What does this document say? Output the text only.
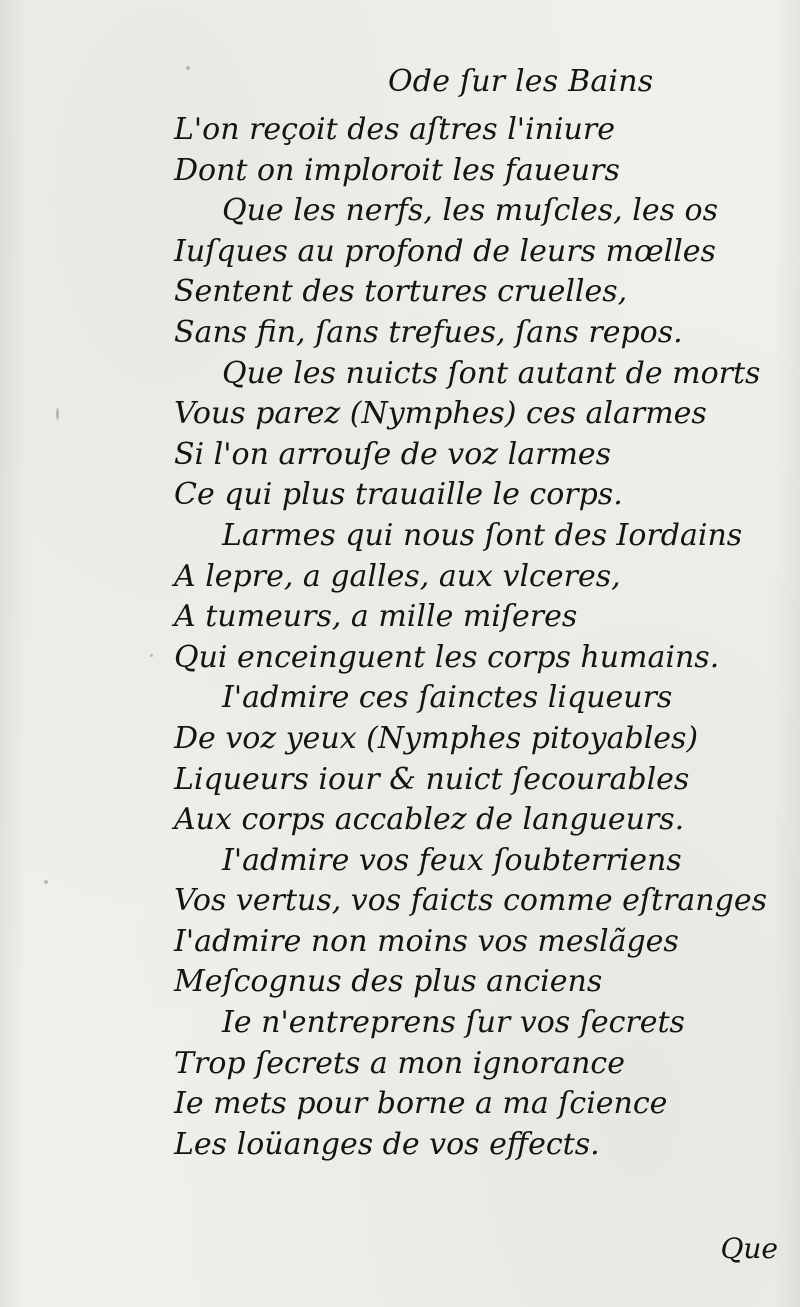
Ode ſur les Bains
L'on reçoit des aſtres l'iniure
Dont on imploroit les faueurs
Que les nerfs, les muſcles, les os
Iuſques au profond de leurs mœlles
Sentent des tortures cruelles,
Sans fin, ſans trefues, ſans repos.
Que les nuicts ſont autant de morts
Vous parez (Nymphes) ces alarmes
Si l'on arrouſe de voz larmes
Ce qui plus trauaille le corps.
Larmes qui nous ſont des Iordains
A lepre, a galles, aux vlceres,
A tumeurs, a mille miſeres
Qui enceinguent les corps humains.
I'admire ces ſainctes liqueurs
De voz yeux (Nymphes pitoyables)
Liqueurs iour & nuict ſecourables
Aux corps accablez de langueurs.
I'admire vos feux ſoubterriens
Vos vertus, vos faicts comme eſtranges
I'admire non moins vos meslãges
Meſcognus des plus anciens
Ie n'entreprens ſur vos ſecrets
Trop ſecrets a mon ignorance
Ie mets pour borne a ma ſcience
Les loüanges de vos effects.
Que
